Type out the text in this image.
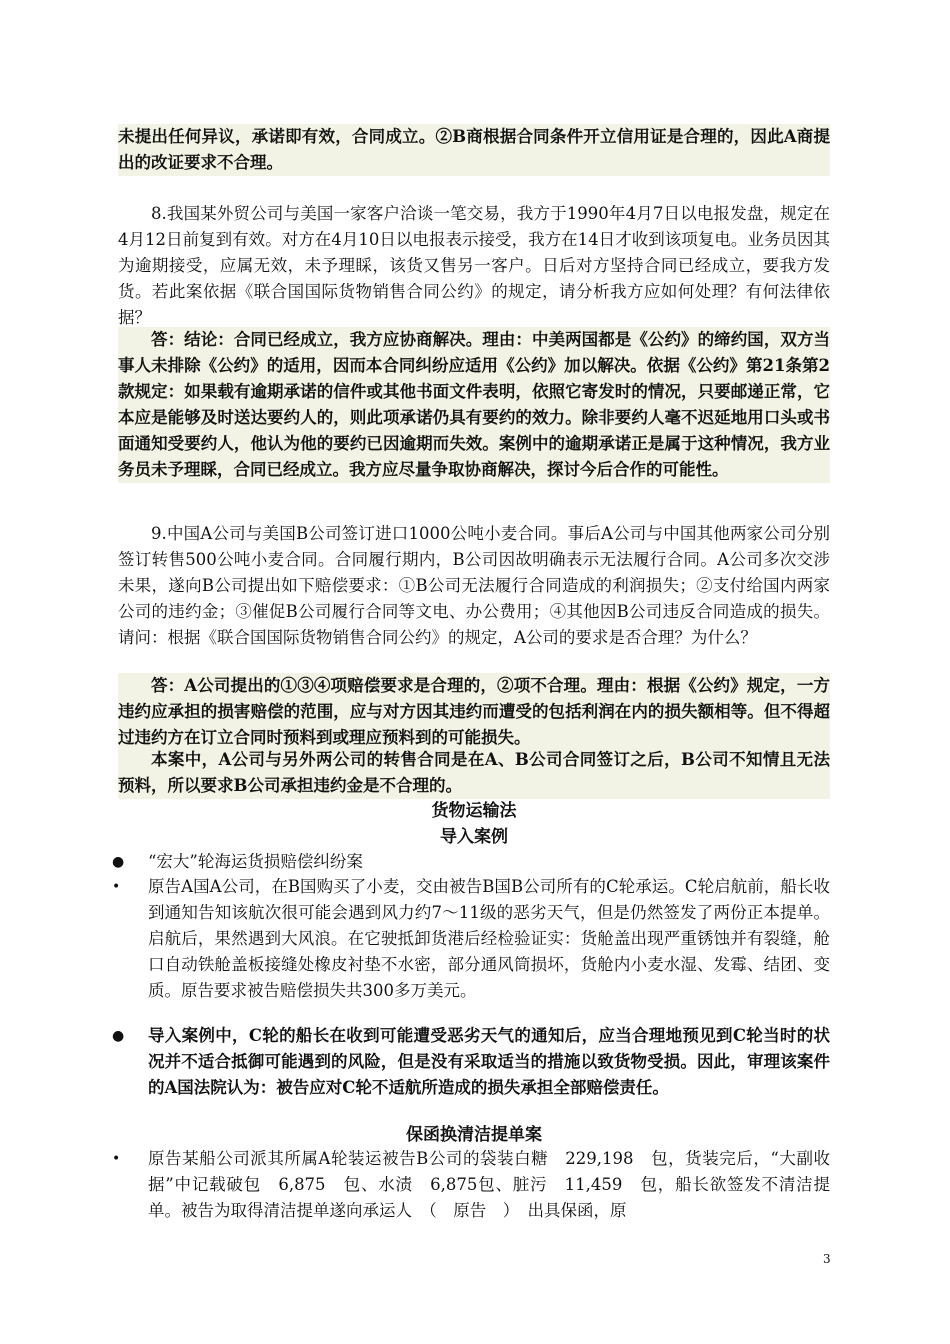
未提出任何异议，承诺即有效，合同成立。②B商根据合同条件开立信用证是合理的，因此A商提出的改证要求不合理。

8.我国某外贸公司与美国一家客户洽谈一笔交易，我方于1990年4月7日以电报发盘，规定在4月12日前复到有效。对方在4月10日以电报表示接受，我方在14日才收到该项复电。业务员因其为逾期接受，应属无效，未予理睬，该货又售另一客户。日后对方坚持合同已经成立，要我方发货。若此案依据《联合国国际货物销售合同公约》的规定，请分析我方应如何处理？有何法律依据？

答：结论：合同已经成立，我方应协商解决。理由：中美两国都是《公约》的缔约国，双方当事人未排除《公约》的适用，因而本合同纠纷应适用《公约》加以解决。依据《公约》第21条第2款规定：如果载有逾期承诺的信件或其他书面文件表明，依照它寄发时的情况，只要邮递正常，它本应是能够及时送达要约人的，则此项承诺仍具有要约的效力。除非要约人毫不迟延地用口头或书面通知受要约人，他认为他的要约已因逾期而失效。案例中的逾期承诺正是属于这种情况，我方业务员未予理睬，合同已经成立。我方应尽量争取协商解决，探讨今后合作的可能性。

9.中国A公司与美国B公司签订进口1000公吨小麦合同。事后A公司与中国其他两家公司分别签订转售500公吨小麦合同。合同履行期内，B公司因故明确表示无法履行合同。A公司多次交涉未果，遂向B公司提出如下赔偿要求：①B公司无法履行合同造成的利润损失；②支付给国内两家公司的违约金；③催促B公司履行合同等文电、办公费用；④其他因B公司违反合同造成的损失。请问：根据《联合国国际货物销售合同公约》的规定，A公司的要求是否合理？为什么？

答：A公司提出的①③④项赔偿要求是合理的，②项不合理。理由：根据《公约》规定，一方违约应承担的损害赔偿的范围，应与对方因其违约而遭受的包括利润在内的损失额相等。但不得超过违约方在订立合同时预料到或理应预料到的可能损失。

本案中，A公司与另外两公司的转售合同是在A、B公司合同签订之后，B公司不知情且无法预料，所以要求B公司承担违约金是不合理的。

货物运输法

导入案例

●	“宏大”轮海运货损赔偿纠纷案
•	原告A国A公司，在B国购买了小麦，交由被告B国B公司所有的C轮承运。C轮启航前，船长收到通知告知该航次很可能会遇到风力约7～11级的恶劣天气，但是仍然签发了两份正本提单。启航后，果然遇到大风浪。在它驶抵卸货港后经检验证实：货舱盖出现严重锈蚀并有裂缝，舱口自动铁舱盖板接缝处橡皮衬垫不水密，部分通风筒损坏，货舱内小麦水湿、发霉、结团、变质。原告要求被告赔偿损失共300多万美元。
●	导入案例中，C轮的船长在收到可能遭受恶劣天气的通知后，应当合理地预见到C轮当时的状况并不适合抵御可能遇到的风险，但是没有采取适当的措施以致货物受损。因此，审理该案件的A国法院认为：被告应对C轮不适航所造成的损失承担全部赔偿责任。

保函换清洁提单案

•	原告某船公司派其所属A轮装运被告B公司的袋装白糖　229,198　包，货装完后，“大副收据”中记载破包　6,875　包、水渍　6,875包、脏污　11,459　包，船长欲签发不清洁提单。被告为取得清洁提单遂向承运人　（　原告　）　出具保函，原
3
